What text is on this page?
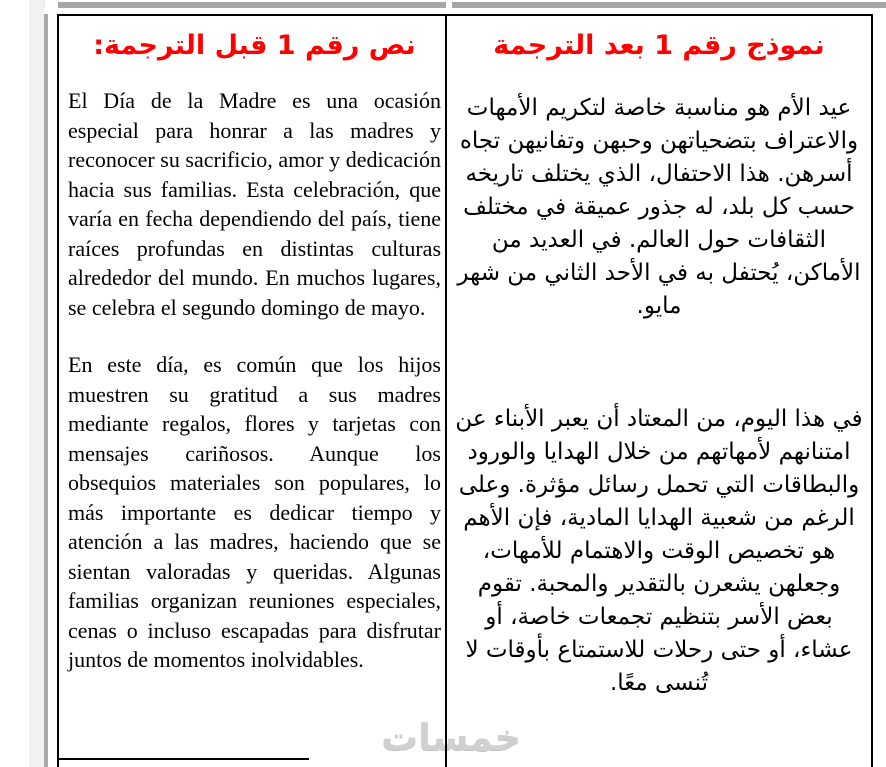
خمسات
نص رقم 1 قبل الترجمة:

El Día de la Madre es una ocasión especial para honrar a las madres y reconocer su sacrificio, amor y dedicación hacia sus familias. Esta celebración, que varía en fecha dependiendo del país, tiene raíces profundas en distintas culturas alrededor del mundo. En muchos lugares, se celebra el segundo domingo de mayo.

En este día, es común que los hijos muestren su gratitud a sus madres mediante regalos, flores y tarjetas con mensajes cariñosos. Aunque los obsequios materiales son populares, lo más importante es dedicar tiempo y atención a las madres, haciendo que se sientan valoradas y queridas. Algunas familias organizan reuniones especiales, cenas o incluso escapadas para disfrutar juntos de momentos inolvidables.

نموذج رقم 1 بعد الترجمة

عيد الأم هو مناسبة خاصة لتكريم الأمهات والاعتراف بتضحياتهن وحبهن وتفانيهن تجاه أسرهن. هذا الاحتفال، الذي يختلف تاريخه حسب كل بلد، له جذور عميقة في مختلف الثقافات حول العالم. في العديد من الأماكن، يُحتفل به في الأحد الثاني من شهر مايو.

في هذا اليوم، من المعتاد أن يعبر الأبناء عن امتنانهم لأمهاتهم من خلال الهدايا والورود والبطاقات التي تحمل رسائل مؤثرة. وعلى الرغم من شعبية الهدايا المادية، فإن الأهم هو تخصيص الوقت والاهتمام للأمهات، وجعلهن يشعرن بالتقدير والمحبة. تقوم بعض الأسر بتنظيم تجمعات خاصة، أو عشاء، أو حتى رحلات للاستمتاع بأوقات لا تُنسى معًا.
